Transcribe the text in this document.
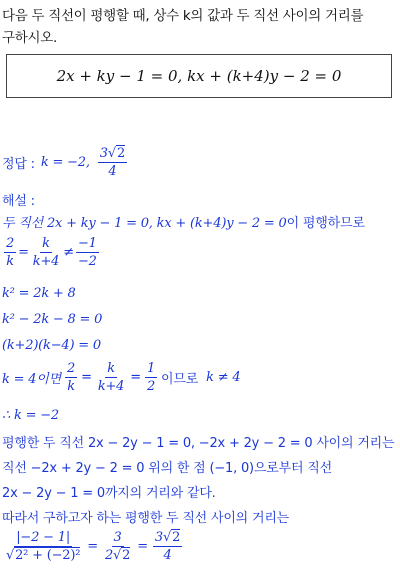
다음 두 직선이 평행할 때, 상수 k의 값과 두 직선 사이의 거리를
구하시오.
2x + ky − 1 = 0, kx + (k+4)y − 2 = 0
정답 : k = −2, $\frac{3√2}{4}$
해설 :
두 직선 2x + ky − 1 = 0, kx + (k+4)y − 2 = 0이 평행하므로
$\frac{2}{k} = \frac{k}{k+4} \ne \frac{-1}{-2}$
k² = 2k + 8
k² − 2k − 8 = 0
(k+2)(k−4) = 0
k = 4이면 $\frac{2}{k} = \frac{k}{k+4} = \frac{1}{2}$ 이므로 k ≠ 4
∴ k = −2
평행한 두 직선 2x − 2y − 1 = 0, −2x + 2y − 2 = 0 사이의 거리는
직선 −2x + 2y − 2 = 0 위의 한 점 (−1, 0)으로부터 직선
2x − 2y − 1 = 0까지의 거리와 같다.
따라서 구하고자 하는 평행한 두 직선 사이의 거리는
$\frac{|-2 - 1|}{\text{√2² + (−2)²}} = \frac{3}{2√2} = \frac{3√2}{4}$
